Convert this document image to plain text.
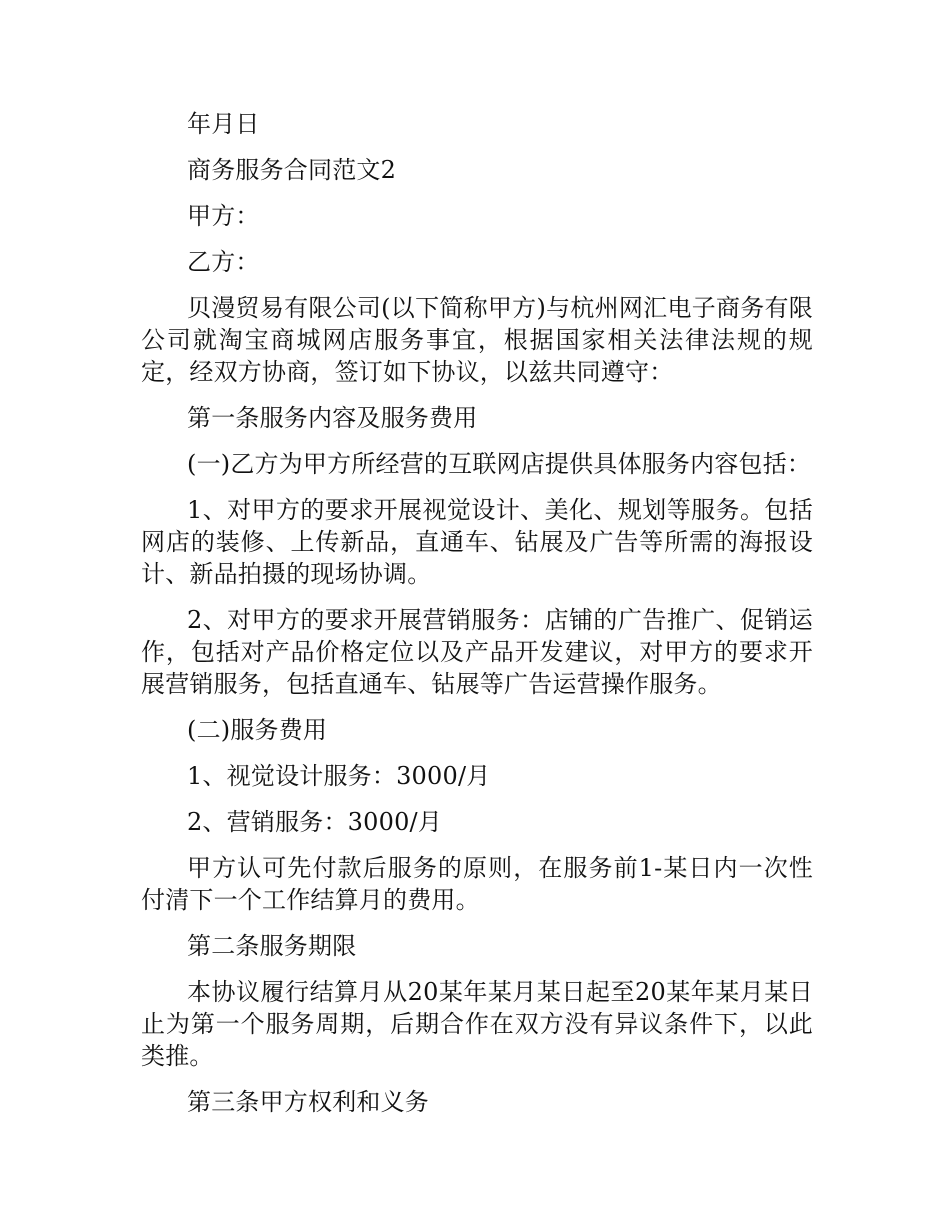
年月日

商务服务合同范文2

甲方：

乙方：

贝漫贸易有限公司(以下简称甲方)与杭州网汇电子商务有限公司就淘宝商城网店服务事宜，根据国家相关法律法规的规定，经双方协商，签订如下协议，以兹共同遵守：

第一条服务内容及服务费用

(一)乙方为甲方所经营的互联网店提供具体服务内容包括：

1、对甲方的要求开展视觉设计、美化、规划等服务。包括网店的装修、上传新品，直通车、钻展及广告等所需的海报设计、新品拍摄的现场协调。

2、对甲方的要求开展营销服务：店铺的广告推广、促销运作，包括对产品价格定位以及产品开发建议，对甲方的要求开展营销服务，包括直通车、钻展等广告运营操作服务。

(二)服务费用

1、视觉设计服务：3000/月

2、营销服务：3000/月

甲方认可先付款后服务的原则，在服务前1-某日内一次性付清下一个工作结算月的费用。

第二条服务期限

本协议履行结算月从20某年某月某日起至20某年某月某日止为第一个服务周期，后期合作在双方没有异议条件下，以此类推。

第三条甲方权利和义务
